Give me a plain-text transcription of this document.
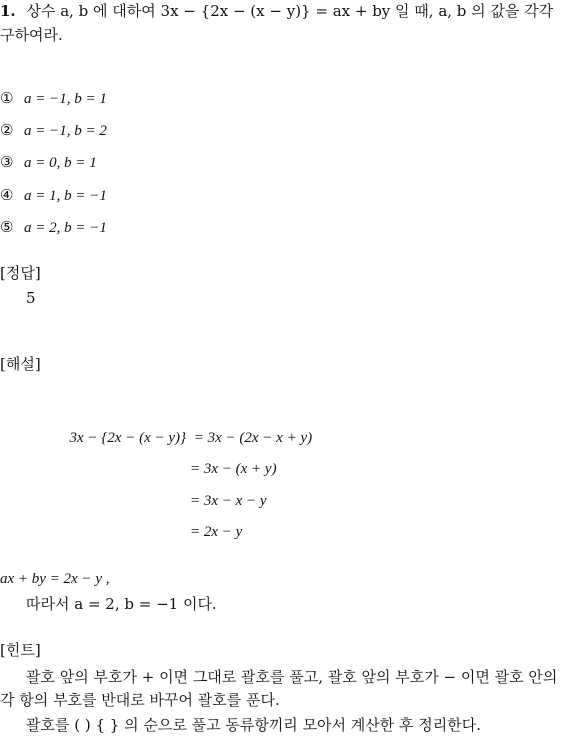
1. 상수 a, b 에 대하여 3x − {2x − (x − y)} = ax + by 일 때, a, b 의 값을 각각
구하여라.
① a = −1, b = 1
② a = −1, b = 2
③ a = 0, b = 1
④ a = 1, b = −1
⑤ a = 2, b = −1
[정답]
5
[해설]
3x − {2x − (x − y)} = 3x − (2x − x + y)
= 3x − (x + y)
= 3x − x − y
= 2x − y
ax + by = 2x − y ,
따라서 a = 2, b = −1 이다.
[힌트]
괄호 앞의 부호가 + 이면 그대로 괄호를 풀고, 괄호 앞의 부호가 − 이면 괄호 안의 각 항의 부호를 반대로 바꾸어 괄호를 푼다.
괄호를 ( ) { } 의 순으로 풀고 동류항끼리 모아서 계산한 후 정리한다.
